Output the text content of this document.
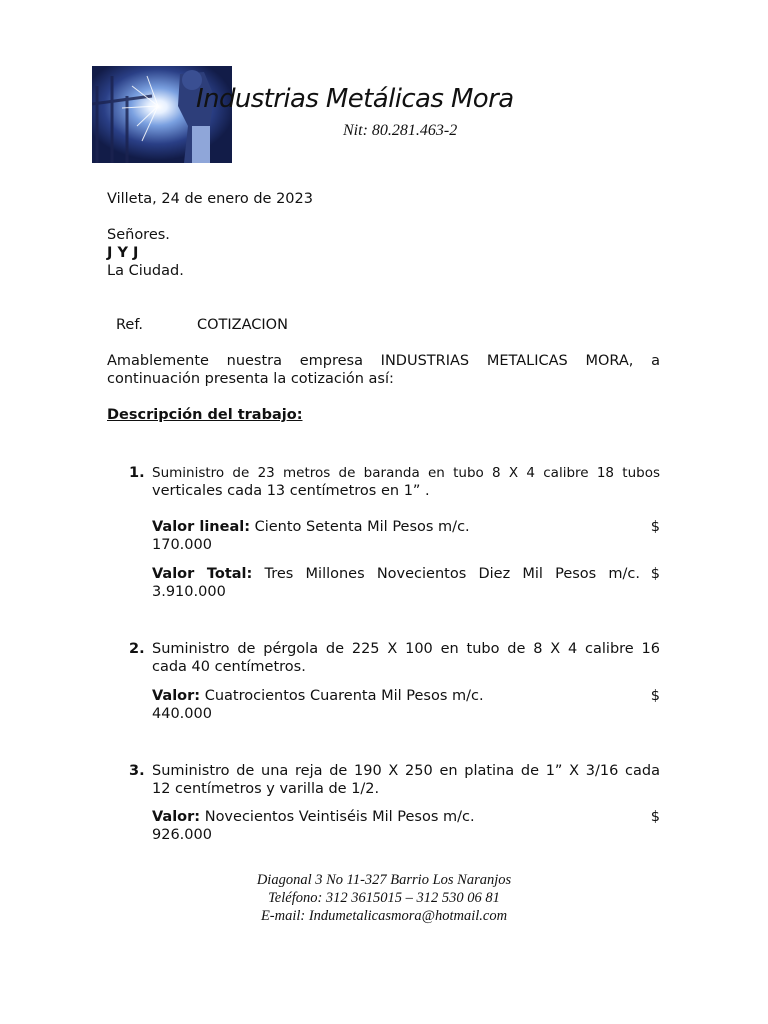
Industrias Metálicas Mora
Nit: 80.281.463-2
Villeta, 24 de enero de 2023
Señores.
J Y J
La Ciudad.
Ref.	COTIZACION
Amablemente nuestra empresa INDUSTRIAS METALICAS MORA, a
continuación presenta la cotización así:
Descripción del trabajo:
1. Suministro de 23 metros de baranda en tubo 8 X 4 calibre 18 tubos
verticales cada 13 centímetros en 1” .
Valor lineal: Ciento Setenta Mil Pesos m/c.	$
170.000
Valor Total: Tres Millones Novecientos Diez Mil Pesos m/c. $
3.910.000
2. Suministro de pérgola de 225 X 100 en tubo de 8 X 4 calibre 16
cada 40 centímetros.
Valor: Cuatrocientos Cuarenta Mil Pesos m/c.	$
440.000
3. Suministro de una reja de 190 X 250 en platina de 1” X 3/16 cada
12 centímetros y varilla de 1/2.
Valor: Novecientos Veintiséis Mil Pesos m/c.	$
926.000
Diagonal 3 No 11-327 Barrio Los Naranjos
Teléfono: 312 3615015 – 312 530 06 81
E-mail: Indumetalicasmora@hotmail.com
